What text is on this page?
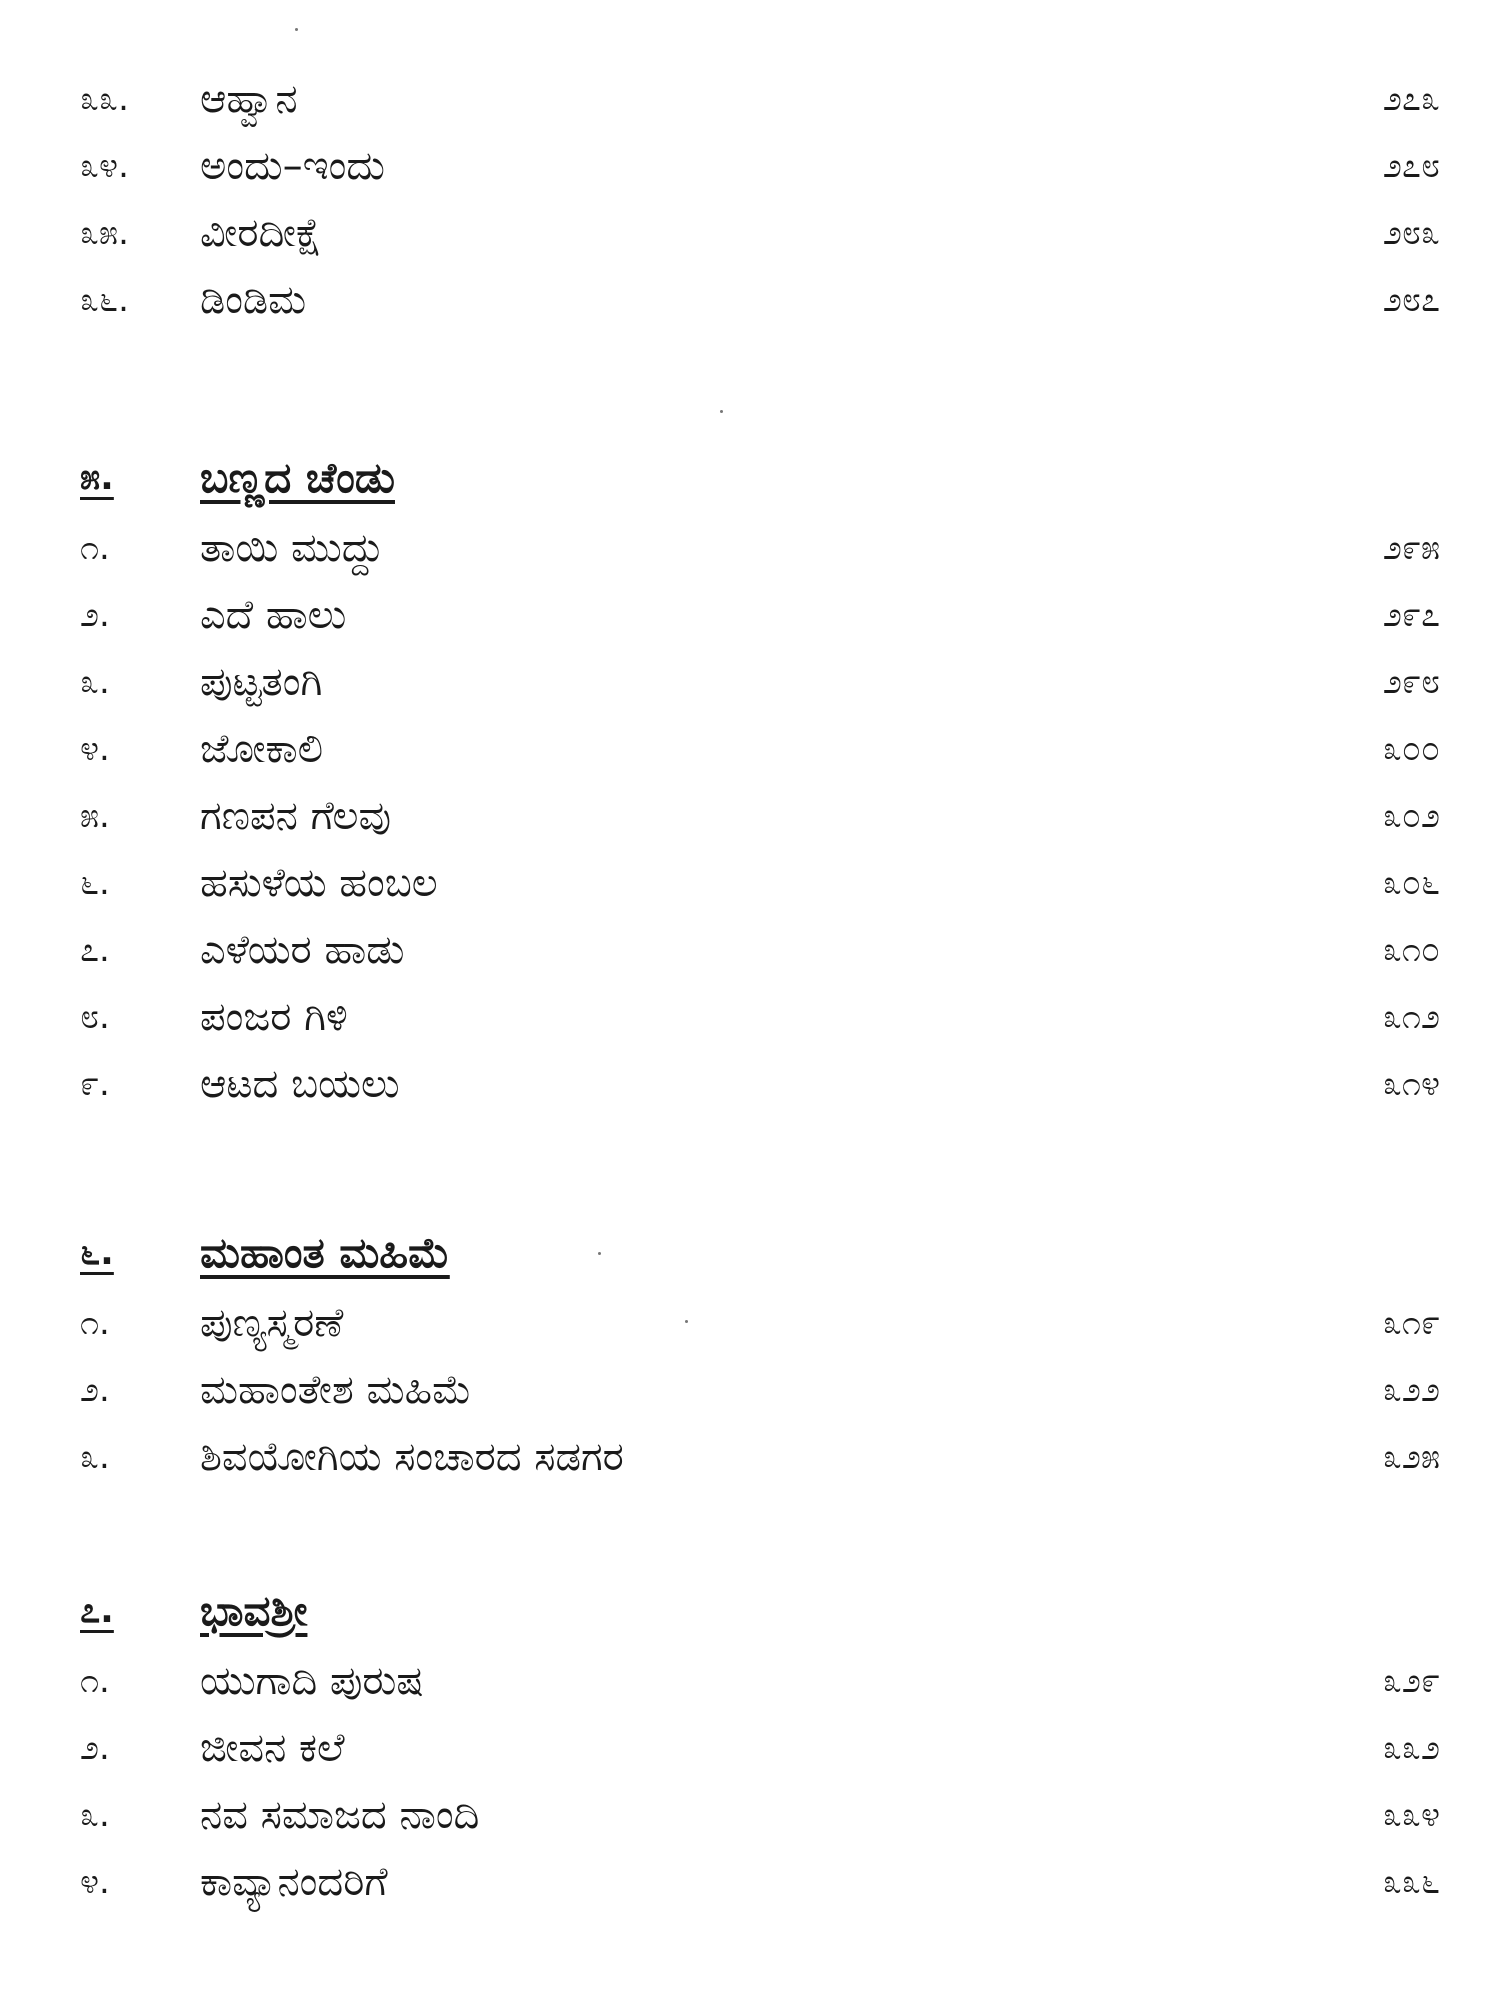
೩೩. ಆಹ್ವಾನ	೨೭೩
೩೪. ಅಂದು–ಇಂದು	೨೭೮
೩೫. ವೀರದೀಕ್ಷೆ	೨೮೩
೩೬. ಡಿಂಡಿಮ	೨೮೭
೫. ಬಣ್ಣದ ಚೆಂಡು
೧. ತಾಯಿ ಮುದ್ದು	೨೯೫
೨. ಎದೆ ಹಾಲು	೨೯೭
೩. ಪುಟ್ಟತಂಗಿ	೨೯೮
೪. ಜೋಕಾಲಿ	೩೦೦
೫. ಗಣಪನ ಗೆಲವು	೩೦೨
೬. ಹಸುಳೆಯ ಹಂಬಲ	೩೦೬
೭. ಎಳೆಯರ ಹಾಡು	೩೧೦
೮. ಪಂಜರ ಗಿಳಿ	೩೧೨
೯. ಆಟದ ಬಯಲು	೩೧೪
೬. ಮಹಾಂತ ಮಹಿಮೆ
೧. ಪುಣ್ಯಸ್ಮರಣೆ	೩೧೯
೨. ಮಹಾಂತೇಶ ಮಹಿಮೆ	೩೨೨
೩. ಶಿವಯೋಗಿಯ ಸಂಚಾರದ ಸಡಗರ	೩೨೫
೭. ಭಾವಶ್ರೀ
೧. ಯುಗಾದಿ ಪುರುಷ	೩೨೯
೨. ಜೀವನ ಕಲೆ	೩೩೨
೩. ನವ ಸಮಾಜದ ನಾಂದಿ	೩೩೪
೪. ಕಾವ್ಯಾನಂದರಿಗೆ	೩೩೬
